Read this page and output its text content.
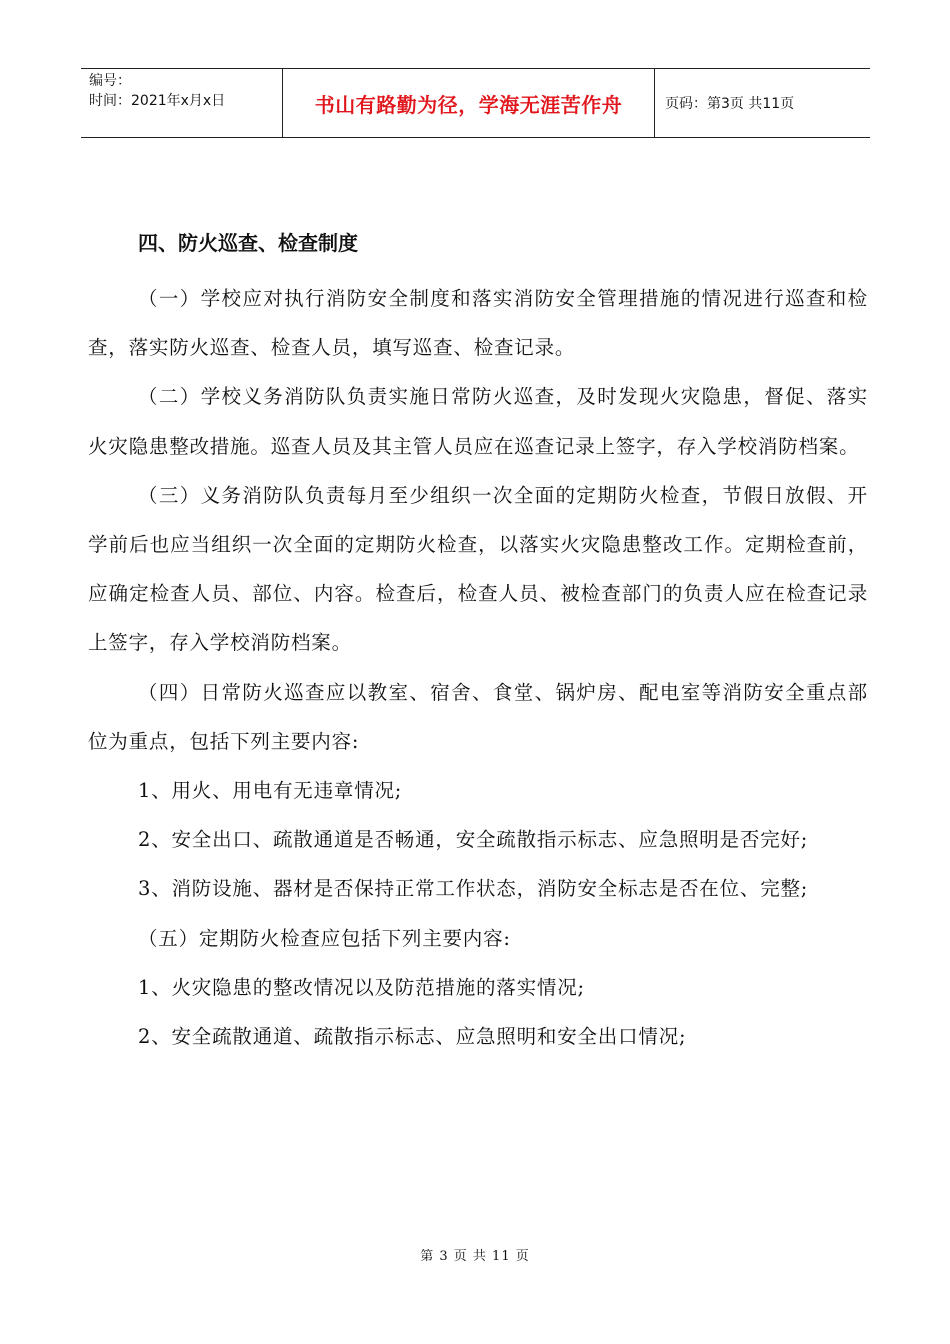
编号：
时间：2021年x月x日	书山有路勤为径，学海无涯苦作舟	页码：第3页 共11页
四、防火巡查、检查制度

（一）学校应对执行消防安全制度和落实消防安全管理措施的情况进行巡查和检查，落实防火巡查、检查人员，填写巡查、检查记录。

（二）学校义务消防队负责实施日常防火巡查，及时发现火灾隐患，督促、落实火灾隐患整改措施。巡查人员及其主管人员应在巡查记录上签字，存入学校消防档案。

（三）义务消防队负责每月至少组织一次全面的定期防火检查，节假日放假、开学前后也应当组织一次全面的定期防火检查，以落实火灾隐患整改工作。定期检查前，应确定检查人员、部位、内容。检查后，检查人员、被检查部门的负责人应在检查记录上签字，存入学校消防档案。

（四）日常防火巡查应以教室、宿舍、食堂、锅炉房、配电室等消防安全重点部位为重点，包括下列主要内容:

1、用火、用电有无违章情况;

2、安全出口、疏散通道是否畅通，安全疏散指示标志、应急照明是否完好;

3、消防设施、器材是否保持正常工作状态，消防安全标志是否在位、完整;

（五）定期防火检查应包括下列主要内容:

1、火灾隐患的整改情况以及防范措施的落实情况;

2、安全疏散通道、疏散指示标志、应急照明和安全出口情况;

第 3 页 共 11 页
